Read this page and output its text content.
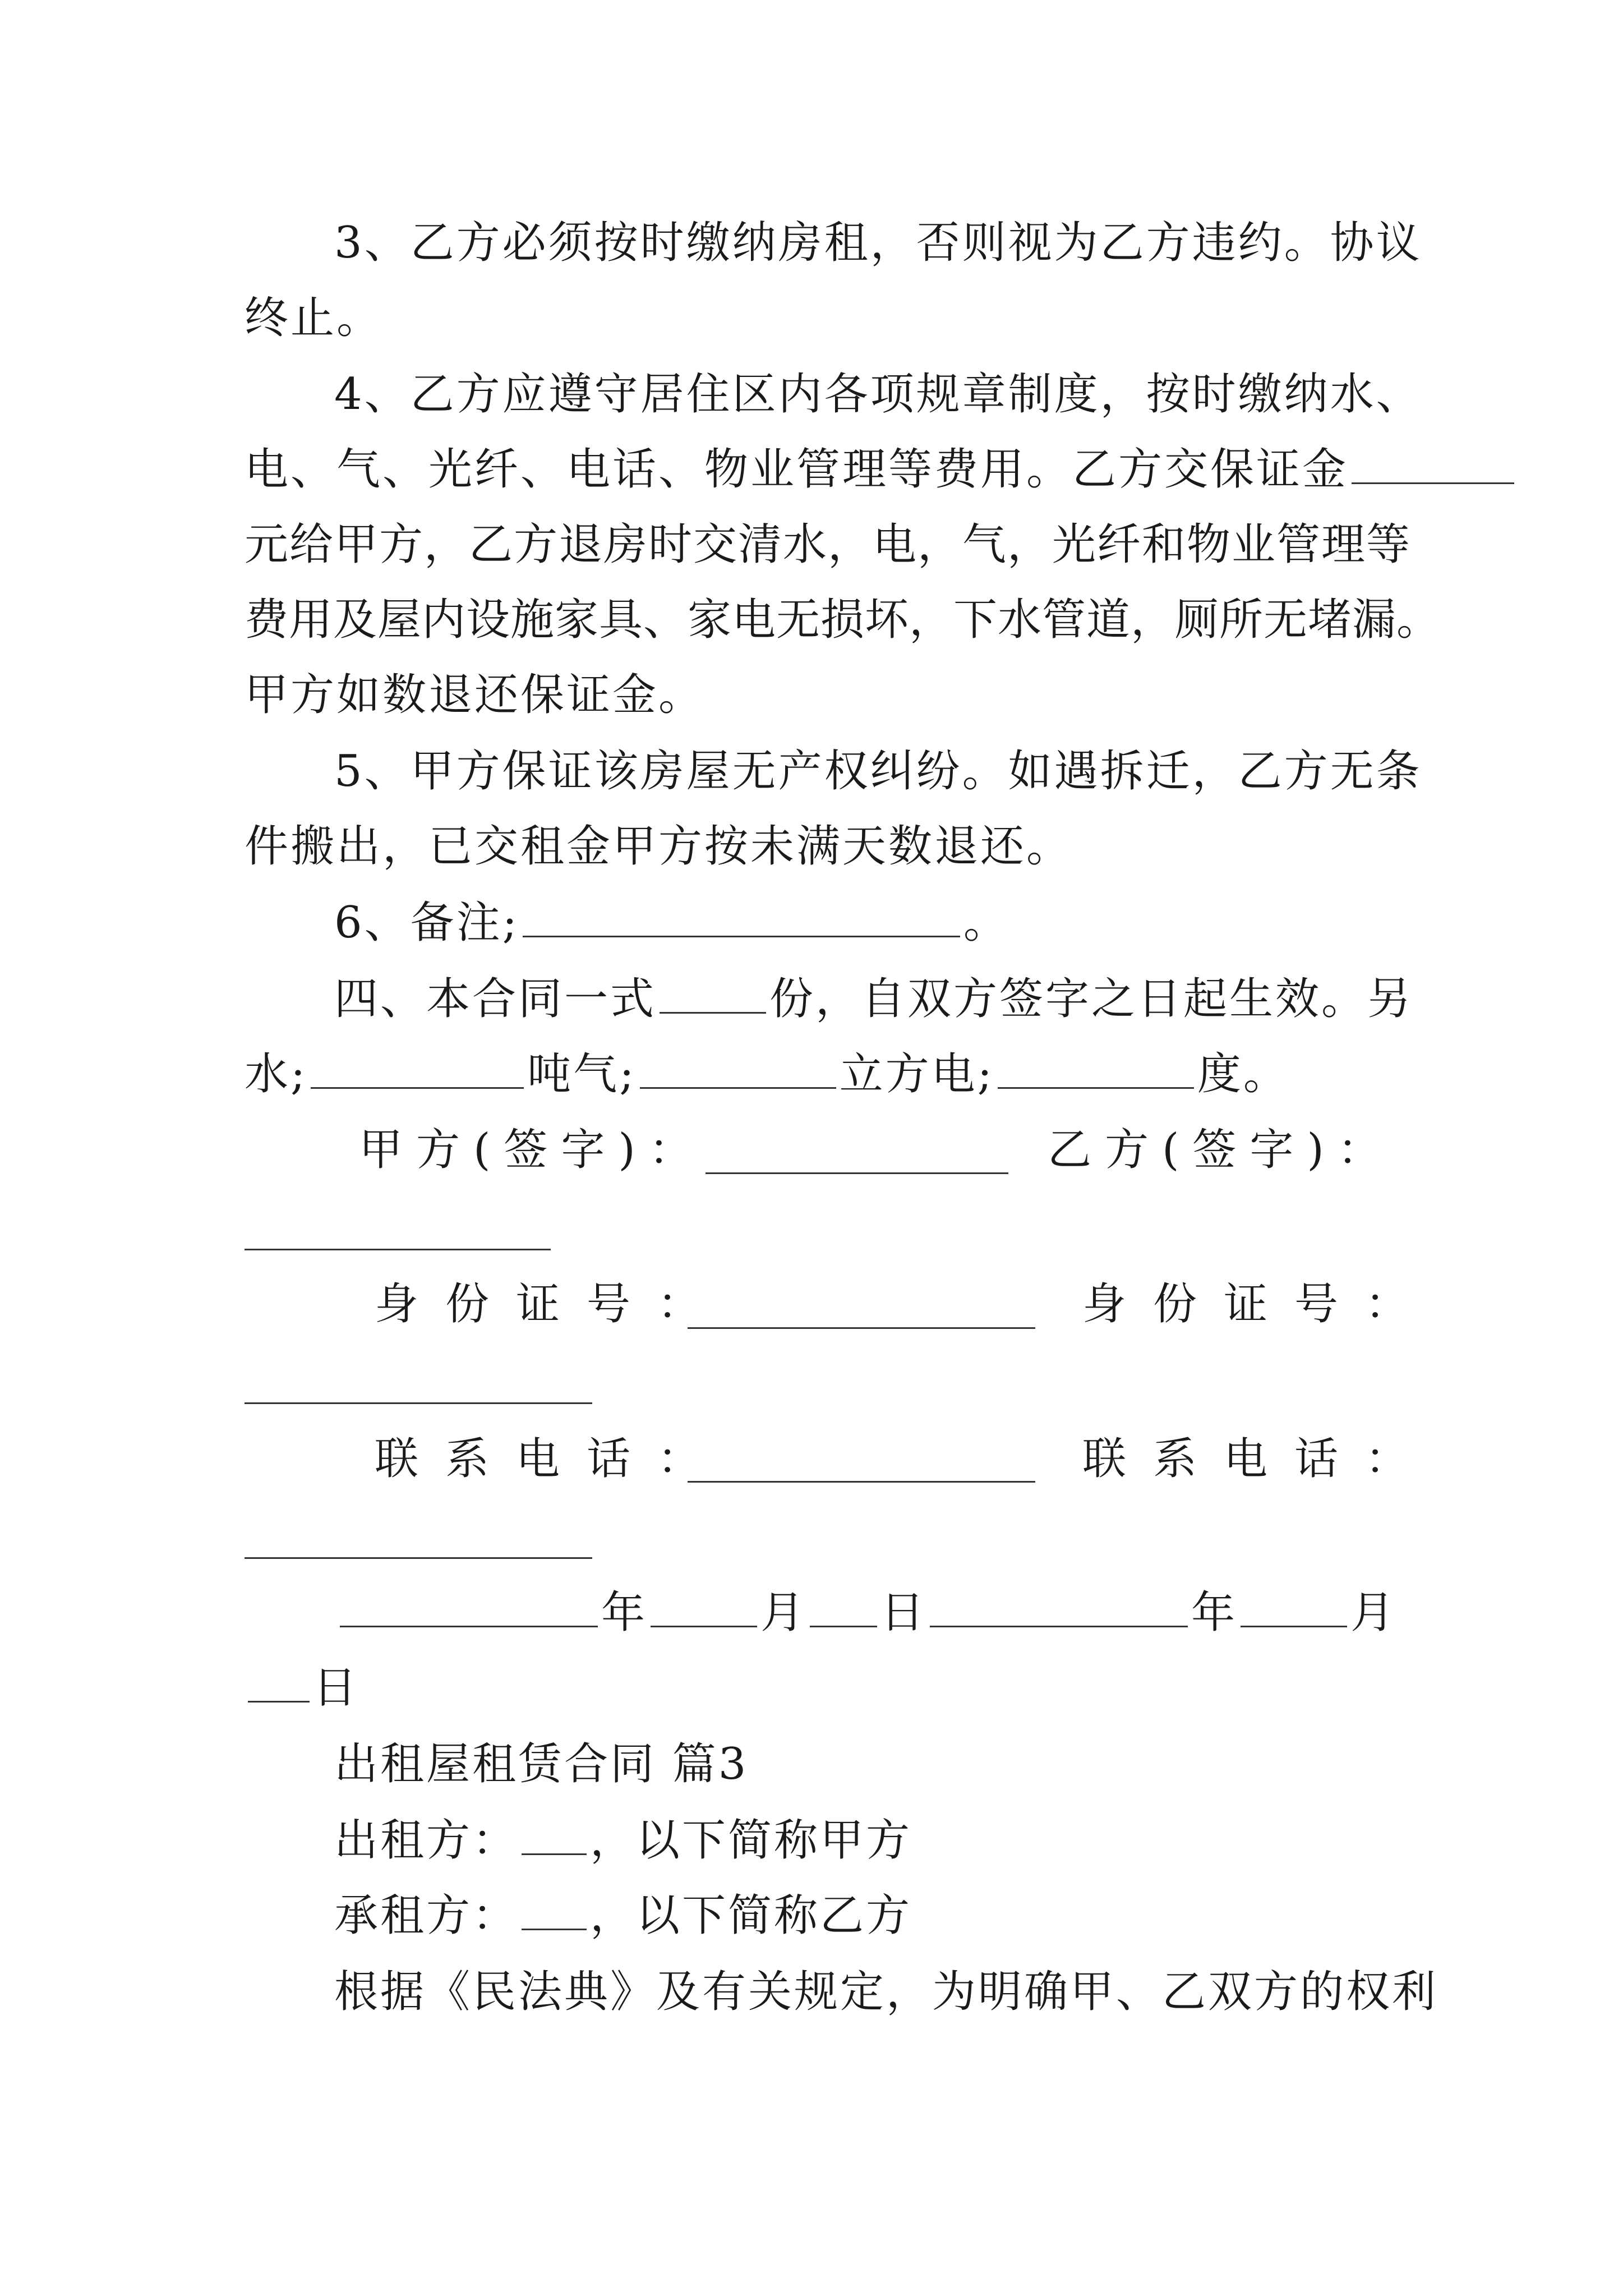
3、乙方必须按时缴纳房租，否则视为乙方违约。协议
终止。
4、乙方应遵守居住区内各项规章制度，按时缴纳水、
电、气、光纤、电话、物业管理等费用。乙方交保证金
元给甲方，乙方退房时交清水，电，气，光纤和物业管理等
费用及屋内设施家具、家电无损坏，下水管道，厕所无堵漏。
甲方如数退还保证金。
5、甲方保证该房屋无产权纠纷。如遇拆迁，乙方无条
件搬出，已交租金甲方按未满天数退还。
6、备注;	。
四、本合同一式	份，自双方签字之日起生效。另
水;	吨气;	立方电;	度。
甲方(签字)：	乙方(签字)：
身份证号：	身份证号：
联系电话：	联系电话：
年	月 日	年	月
日
出租屋租赁合同 篇3
出租方： ，以下简称甲方
承租方： ，以下简称乙方
根据《民法典》及有关规定，为明确甲、乙双方的权利
